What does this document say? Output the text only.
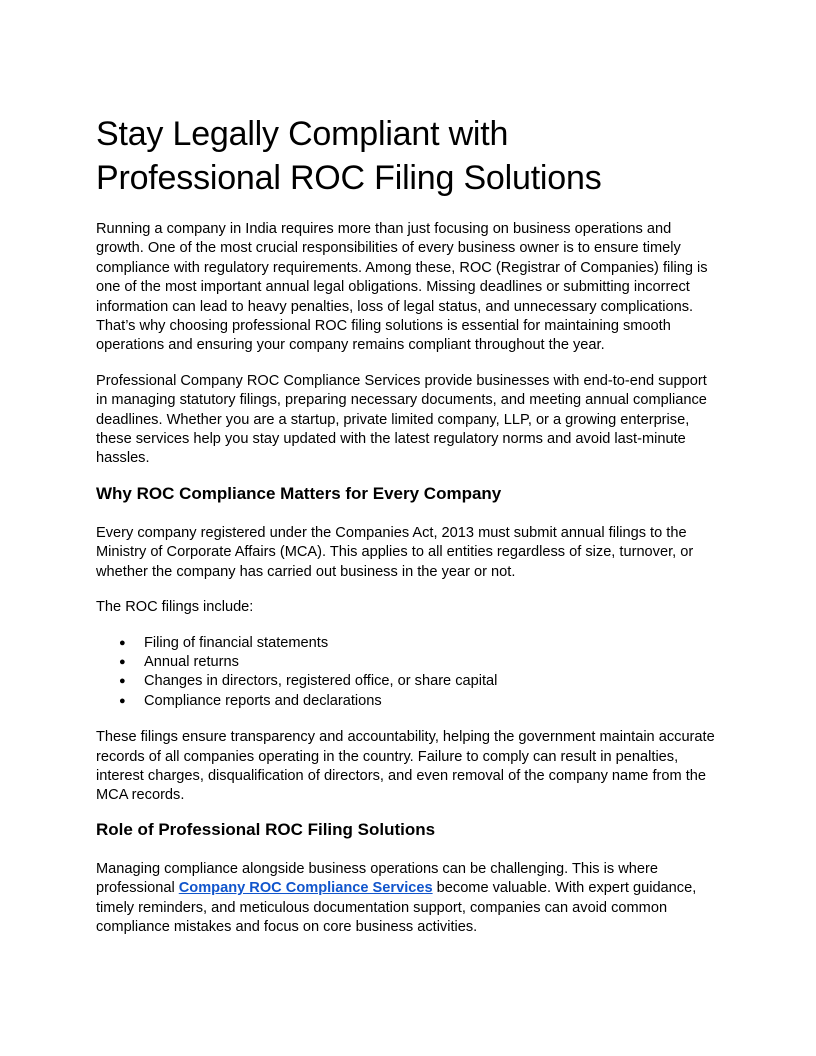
Stay Legally Compliant with
Professional ROC Filing Solutions

Running a company in India requires more than just focusing on business operations and growth. One of the most crucial responsibilities of every business owner is to ensure timely compliance with regulatory requirements. Among these, ROC (Registrar of Companies) filing is one of the most important annual legal obligations. Missing deadlines or submitting incorrect information can lead to heavy penalties, loss of legal status, and unnecessary complications. That’s why choosing professional ROC filing solutions is essential for maintaining smooth operations and ensuring your company remains compliant throughout the year.

Professional Company ROC Compliance Services provide businesses with end-to-end support in managing statutory filings, preparing necessary documents, and meeting annual compliance deadlines. Whether you are a startup, private limited company, LLP, or a growing enterprise, these services help you stay updated with the latest regulatory norms and avoid last-minute hassles.

Why ROC Compliance Matters for Every Company

Every company registered under the Companies Act, 2013 must submit annual filings to the Ministry of Corporate Affairs (MCA). This applies to all entities regardless of size, turnover, or whether the company has carried out business in the year or not.

The ROC filings include:

● Filing of financial statements
● Annual returns
● Changes in directors, registered office, or share capital
● Compliance reports and declarations

These filings ensure transparency and accountability, helping the government maintain accurate records of all companies operating in the country. Failure to comply can result in penalties, interest charges, disqualification of directors, and even removal of the company name from the MCA records.

Role of Professional ROC Filing Solutions

Managing compliance alongside business operations can be challenging. This is where professional Company ROC Compliance Services become valuable. With expert guidance, timely reminders, and meticulous documentation support, companies can avoid common compliance mistakes and focus on core business activities.
